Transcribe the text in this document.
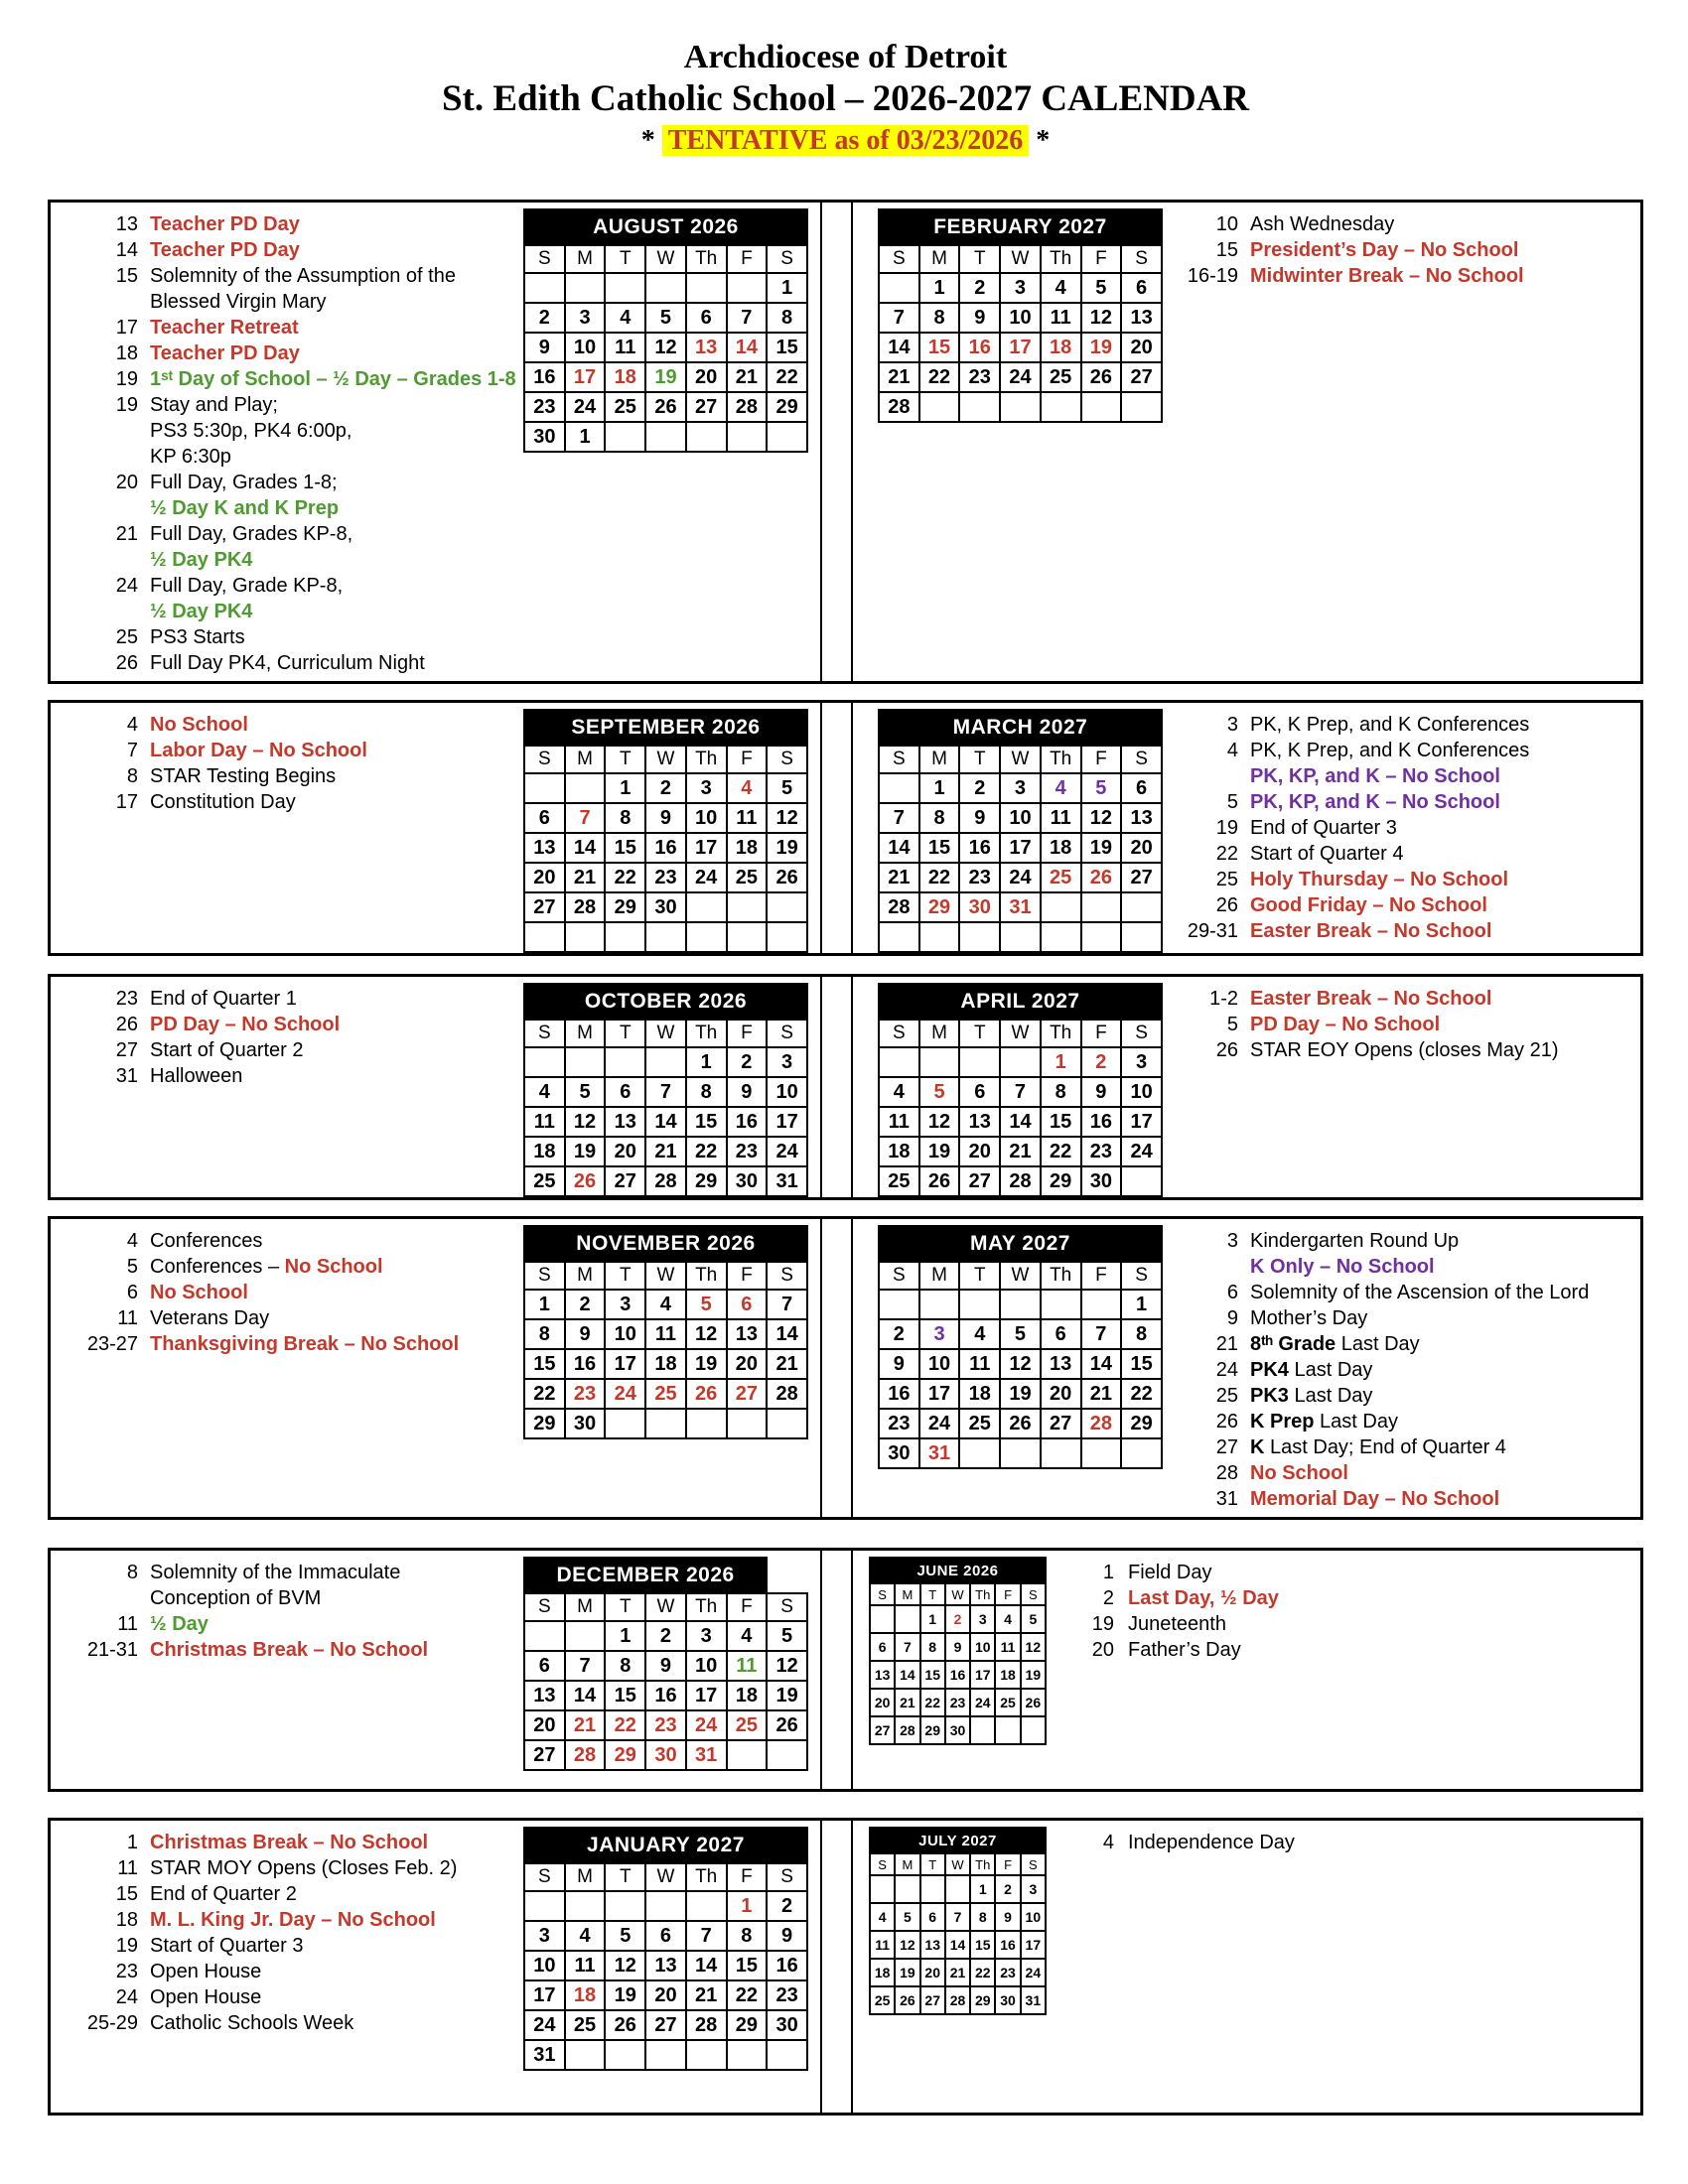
Archdiocese of Detroit
St. Edith Catholic School – 2026-2027 CALENDAR
* TENTATIVE as of 03/23/2026 *
13 Teacher PD Day
14 Teacher PD Day
15 Solemnity of the Assumption of the
Blessed Virgin Mary
17 Teacher Retreat
18 Teacher PD Day
19 1ˢᵗ Day of School – ½ Day – Grades 1-8
19 Stay and Play;
PS3 5:30p, PK4 6:00p,
KP 6:30p
20 Full Day, Grades 1-8;
½ Day K and K Prep
21 Full Day, Grades KP-8,
½ Day PK4
24 Full Day, Grade KP-8,
½ Day PK4
25 PS3 Starts
26 Full Day PK4, Curriculum Night
AUGUST 2026						
S	M	T	W	Th	F	S
						1
2	3	4	5	6	7	8
9	10	11	12	13	14	15
16	17	18	19	20	21	22
23	24	25	26	27	28	29
30	1					
FEBRUARY 2027						
S	M	T	W	Th	F	S
	1	2	3	4	5	6
7	8	9	10	11	12	13
14	15	16	17	18	19	20
21	22	23	24	25	26	27
28						
10 Ash Wednesday
15 President’s Day – No School
16-19 Midwinter Break – No School
4 No School
7 Labor Day – No School
8 STAR Testing Begins
17 Constitution Day
SEPTEMBER 2026						
S	M	T	W	Th	F	S
		1	2	3	4	5
6	7	8	9	10	11	12
13	14	15	16	17	18	19
20	21	22	23	24	25	26
27	28	29	30			

MARCH 2027						
S	M	T	W	Th	F	S
	1	2	3	4	5	6
7	8	9	10	11	12	13
14	15	16	17	18	19	20
21	22	23	24	25	26	27
28	29	30	31			

3 PK, K Prep, and K Conferences
4 PK, K Prep, and K Conferences
PK, KP, and K – No School
5 PK, KP, and K – No School
19 End of Quarter 3
22 Start of Quarter 4
25 Holy Thursday – No School
26 Good Friday – No School
29-31 Easter Break – No School
23 End of Quarter 1
26 PD Day – No School
27 Start of Quarter 2
31 Halloween
OCTOBER 2026						
S	M	T	W	Th	F	S
				1	2	3
4	5	6	7	8	9	10
11	12	13	14	15	16	17
18	19	20	21	22	23	24
25	26	27	28	29	30	31
APRIL 2027						
S	M	T	W	Th	F	S
				1	2	3
4	5	6	7	8	9	10
11	12	13	14	15	16	17
18	19	20	21	22	23	24
25	26	27	28	29	30	
1-2 Easter Break – No School
5 PD Day – No School
26 STAR EOY Opens (closes May 21)
4 Conferences
5 Conferences – No School
6 No School
11 Veterans Day
23-27 Thanksgiving Break – No School
NOVEMBER 2026						
S	M	T	W	Th	F	S
1	2	3	4	5	6	7
8	9	10	11	12	13	14
15	16	17	18	19	20	21
22	23	24	25	26	27	28
29	30					
MAY 2027						
S	M	T	W	Th	F	S
						1
2	3	4	5	6	7	8
9	10	11	12	13	14	15
16	17	18	19	20	21	22
23	24	25	26	27	28	29
30	31					
3 Kindergarten Round Up
K Only – No School
6 Solemnity of the Ascension of the Lord
9 Mother’s Day
21 8ᵗʰ Grade Last Day
24 PK4 Last Day
25 PK3 Last Day
26 K Prep Last Day
27 K Last Day; End of Quarter 4
28 No School
31 Memorial Day – No School
8 Solemnity of the Immaculate
Conception of BVM
11 ½ Day
21-31 Christmas Break – No School
DECEMBER 2026						
S	M	T	W	Th	F	S
		1	2	3	4	5
6	7	8	9	10	11	12
13	14	15	16	17	18	19
20	21	22	23	24	25	26
27	28	29	30	31		
JUNE 2026						
S	M	T	W	Th	F	S
		1	2	3	4	5
6	7	8	9	10	11	12
13	14	15	16	17	18	19
20	21	22	23	24	25	26
27	28	29	30			
1 Field Day
2 Last Day, ½ Day
19 Juneteenth
20 Father’s Day
1 Christmas Break – No School
11 STAR MOY Opens (Closes Feb. 2)
15 End of Quarter 2
18 M. L. King Jr. Day – No School
19 Start of Quarter 3
23 Open House
24 Open House
25-29 Catholic Schools Week
JANUARY 2027						
S	M	T	W	Th	F	S
					1	2
3	4	5	6	7	8	9
10	11	12	13	14	15	16
17	18	19	20	21	22	23
24	25	26	27	28	29	30
31						
JULY 2027						
S	M	T	W	Th	F	S
				1	2	3
4	5	6	7	8	9	10
11	12	13	14	15	16	17
18	19	20	21	22	23	24
25	26	27	28	29	30	31
4 Independence Day
